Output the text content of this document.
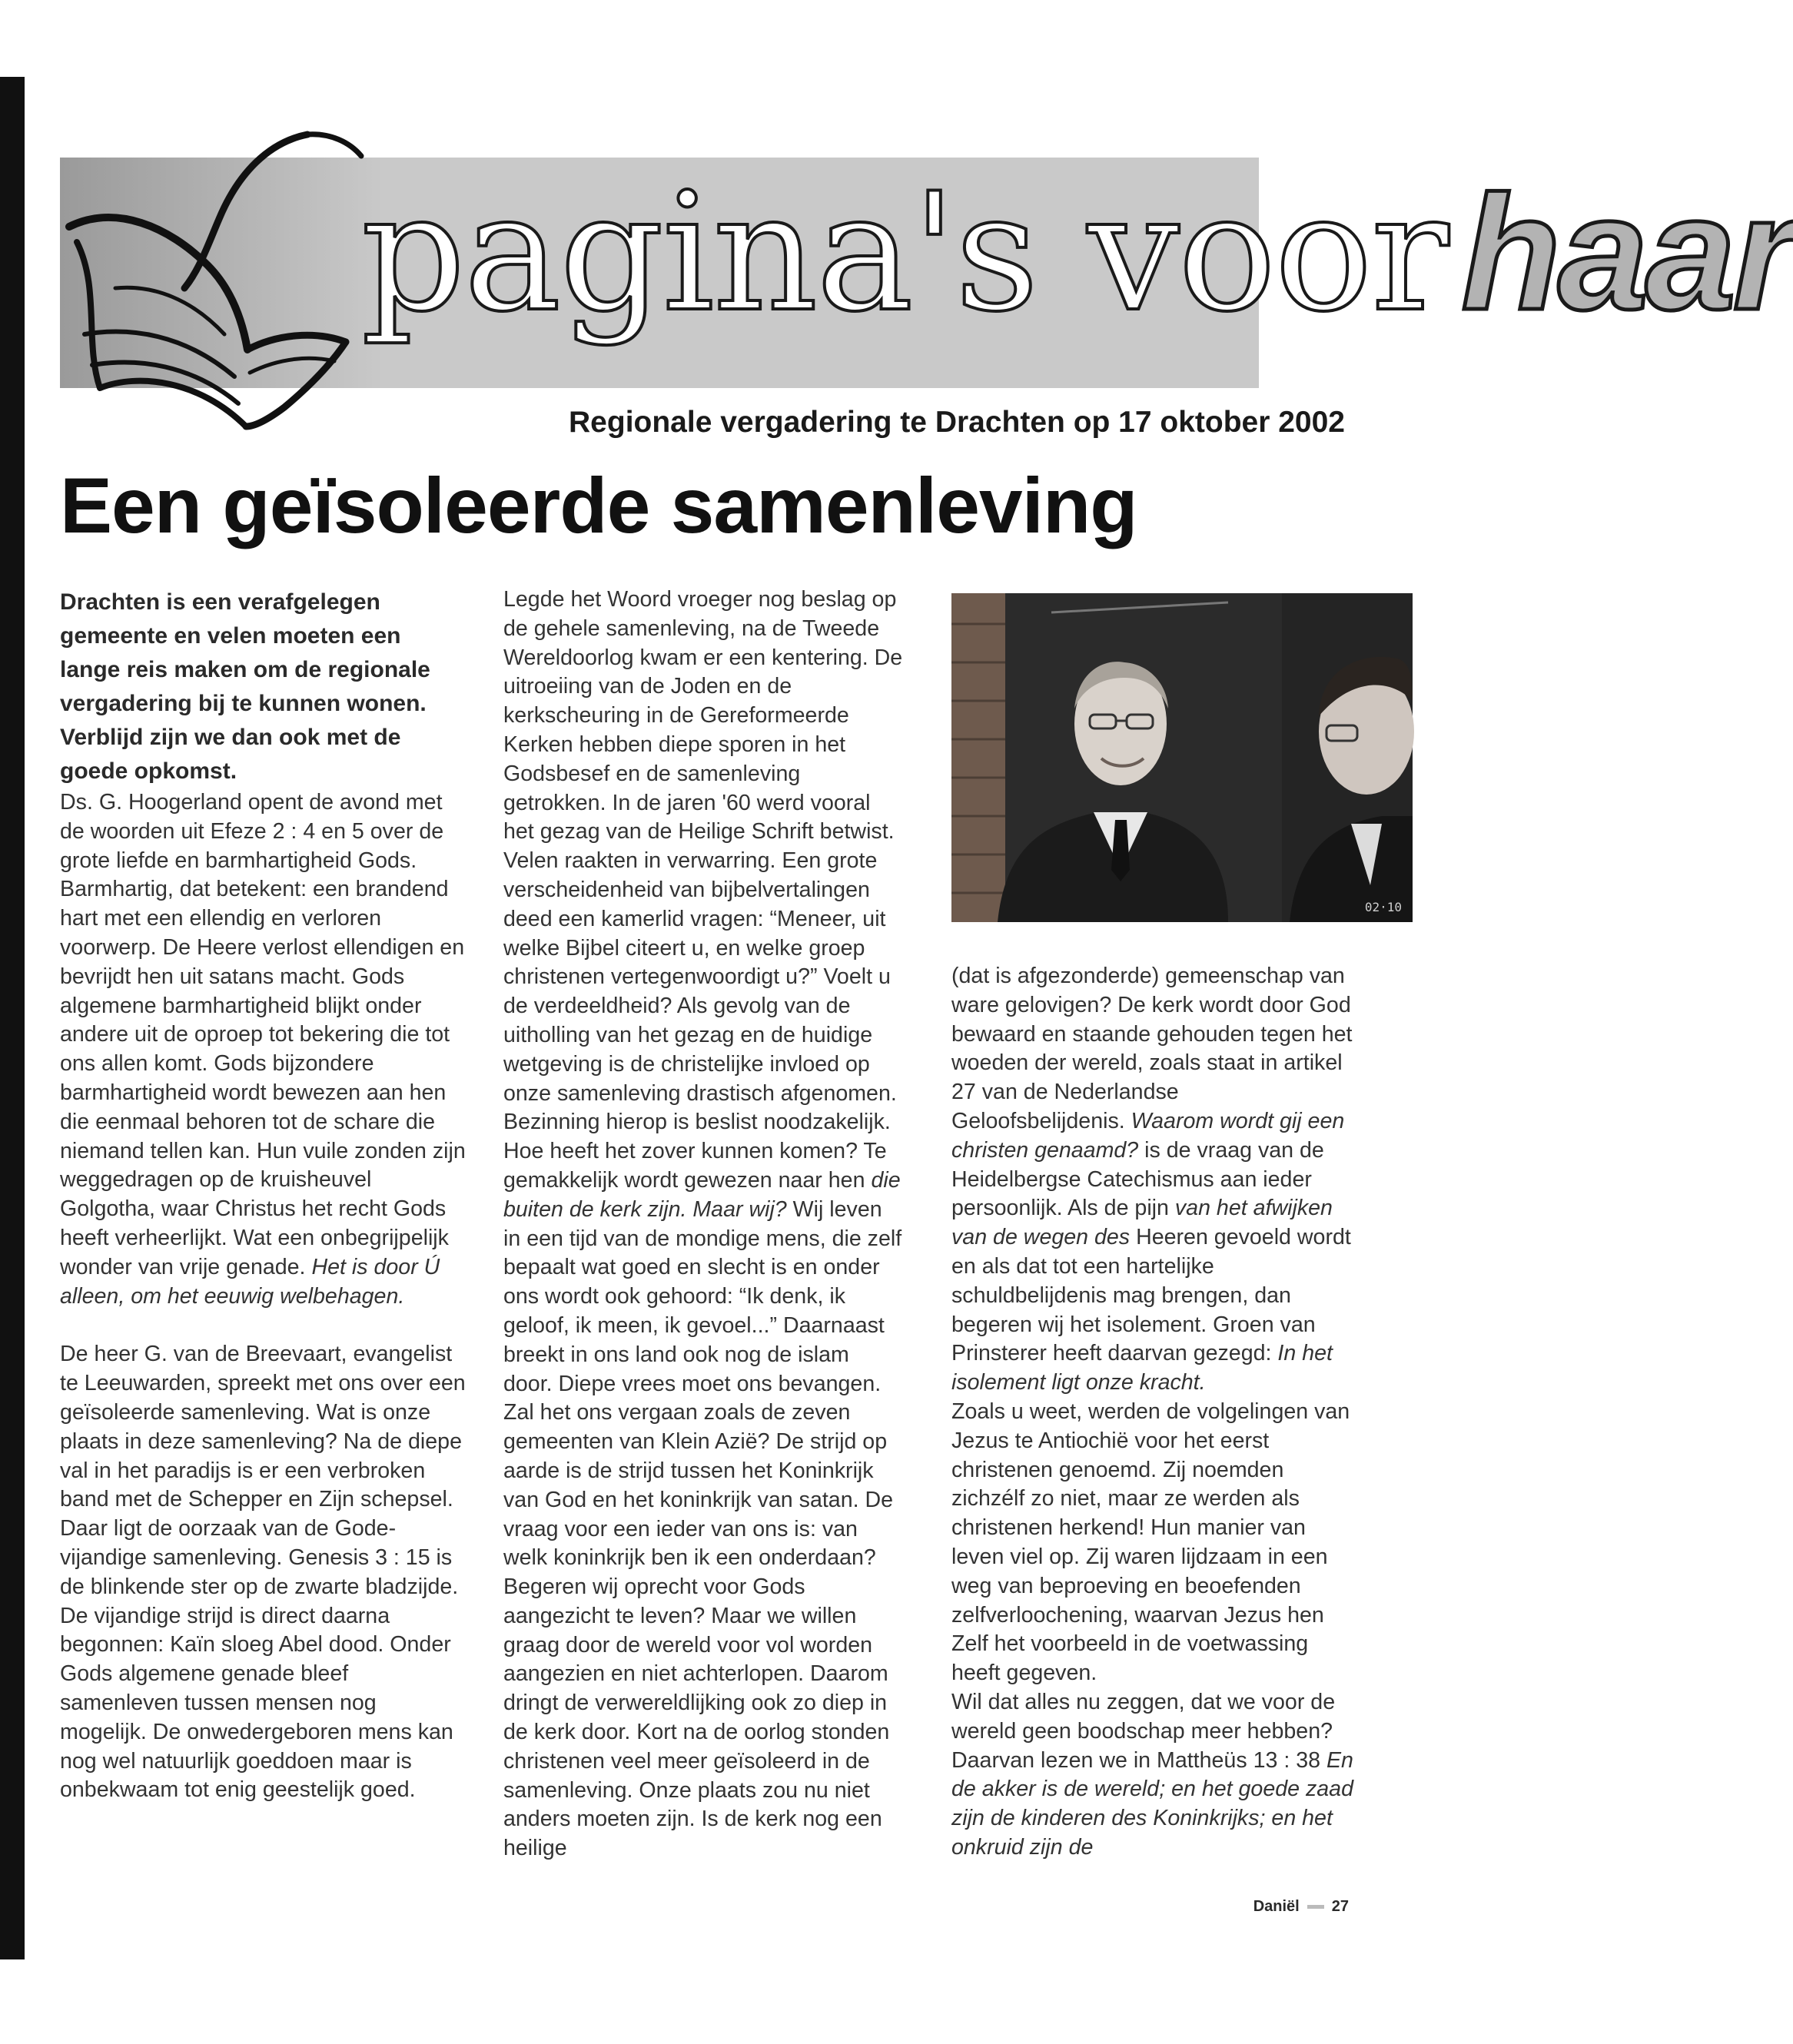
pagina's voorhaar
Regionale vergadering te Drachten op 17 oktober 2002
Een geïsoleerde samenleving

Drachten is een verafgelegen gemeente en velen moeten een lange reis maken om de regionale vergadering bij te kunnen wonen. Verblijd zijn we dan ook met de goede opkomst.

Ds. G. Hoogerland opent de avond met de woorden uit Efeze 2 : 4 en 5 over de grote liefde en barmhartigheid Gods. Barmhartig, dat betekent: een brandend hart met een ellendig en verloren voorwerp. De Heere verlost ellendigen en bevrijdt hen uit satans macht. Gods algemene barmhartigheid blijkt onder andere uit de oproep tot bekering die tot ons allen komt. Gods bijzondere barmhartigheid wordt bewezen aan hen die eenmaal behoren tot de schare die niemand tellen kan. Hun vuile zonden zijn weggedragen op de kruisheuvel Golgotha, waar Christus het recht Gods heeft verheerlijkt. Wat een onbegrijpelijk wonder van vrije genade. Het is door Ú alleen, om het eeuwig welbehagen.

De heer G. van de Breevaart, evangelist te Leeuwarden, spreekt met ons over een geïsoleerde samenleving. Wat is onze plaats in deze samenleving? Na de diepe val in het paradijs is er een verbroken band met de Schepper en Zijn schepsel. Daar ligt de oorzaak van de Gode-vijandige samenleving. Genesis 3 : 15 is de blinkende ster op de zwarte bladzijde. De vijandige strijd is direct daarna begonnen: Kaïn sloeg Abel dood. Onder Gods algemene genade bleef samenleven tussen mensen nog mogelijk. De onwedergeboren mens kan nog wel natuurlijk goeddoen maar is onbekwaam tot enig geestelijk goed.

Legde het Woord vroeger nog beslag op de gehele samenleving, na de Tweede Wereldoorlog kwam er een kentering. De uitroeiing van de Joden en de kerkscheuring in de Gereformeerde Kerken hebben diepe sporen in het Godsbesef en de samenleving getrokken. In de jaren '60 werd vooral het gezag van de Heilige Schrift betwist. Velen raakten in verwarring. Een grote verscheidenheid van bijbelvertalingen deed een kamerlid vragen: “Meneer, uit welke Bijbel citeert u, en welke groep christenen vertegenwoordigt u?” Voelt u de verdeeldheid? Als gevolg van de uitholling van het gezag en de huidige wetgeving is de christelijke invloed op onze samenleving drastisch afgenomen. Bezinning hierop is beslist noodzakelijk. Hoe heeft het zover kunnen komen? Te gemakkelijk wordt gewezen naar hen die buiten de kerk zijn. Maar wij? Wij leven in een tijd van de mondige mens, die zelf bepaalt wat goed en slecht is en onder ons wordt ook gehoord: “Ik denk, ik geloof, ik meen, ik gevoel...” Daarnaast breekt in ons land ook nog de islam door. Diepe vrees moet ons bevangen. Zal het ons vergaan zoals de zeven gemeenten van Klein Azië? De strijd op aarde is de strijd tussen het Koninkrijk van God en het koninkrijk van satan. De vraag voor een ieder van ons is: van welk koninkrijk ben ik een onderdaan? Begeren wij oprecht voor Gods aangezicht te leven? Maar we willen graag door de wereld voor vol worden aangezien en niet achterlopen. Daarom dringt de verwereldlijking ook zo diep in de kerk door. Kort na de oorlog stonden christenen veel meer geïsoleerd in de samenleving. Onze plaats zou nu niet anders moeten zijn. Is de kerk nog een heilige

02·10

(dat is afgezonderde) gemeenschap van ware gelovigen? De kerk wordt door God bewaard en staande gehouden tegen het woeden der wereld, zoals staat in artikel 27 van de Nederlandse Geloofsbelijdenis. Waarom wordt gij een christen genaamd? is de vraag van de Heidelbergse Catechismus aan ieder persoonlijk. Als de pijn van het afwijken van de wegen des Heeren gevoeld wordt en als dat tot een hartelijke schuldbelijdenis mag brengen, dan begeren wij het isolement. Groen van Prinsterer heeft daarvan gezegd: In het isolement ligt onze kracht.

Zoals u weet, werden de volgelingen van Jezus te Antiochië voor het eerst christenen genoemd. Zij noemden zichzélf zo niet, maar ze werden als christenen herkend! Hun manier van leven viel op. Zij waren lijdzaam in een weg van beproeving en beoefenden zelfverloochening, waarvan Jezus hen Zelf het voorbeeld in de voetwassing heeft gegeven.

Wil dat alles nu zeggen, dat we voor de wereld geen boodschap meer hebben? Daarvan lezen we in Mattheüs 13 : 38 En de akker is de wereld; en het goede zaad zijn de kinderen des Koninkrijks; en het onkruid zijn de

Daniël 27
